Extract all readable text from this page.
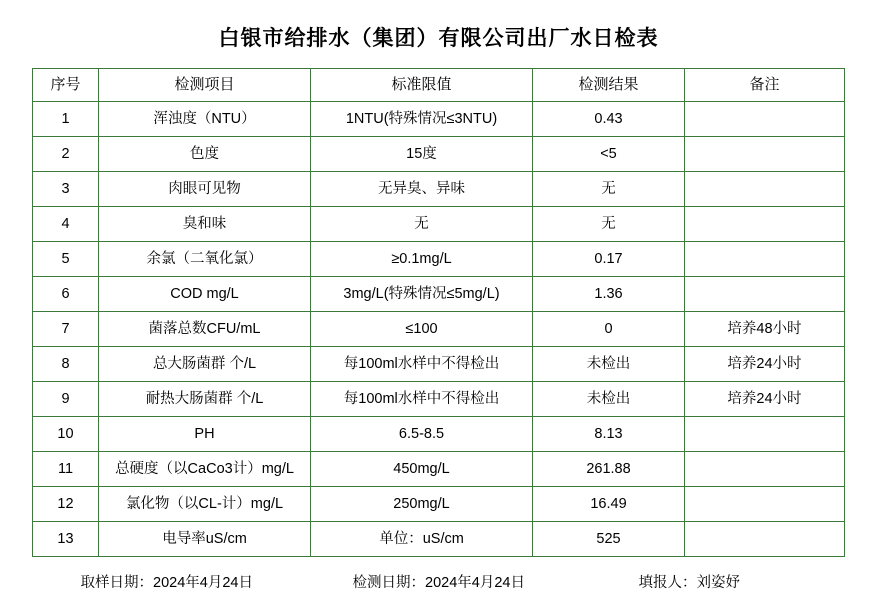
白银市给排水（集团）有限公司出厂水日检表
序号	检测项目	标准限值	检测结果	备注
1	浑浊度（NTU）	1NTU(特殊情况≤3NTU)	0.43	
2	色度	15度	<5	
3	肉眼可见物	无异臭、异味	无	
4	臭和味	无	无	
5	余氯（二氧化氯）	≥0.1mg/L	0.17	
6	COD mg/L	3mg/L(特殊情况≤5mg/L)	1.36	
7	菌落总数CFU/mL	≤100	0	培养48小时
8	总大肠菌群 个/L	每100ml水样中不得检出	未检出	培养24小时
9	耐热大肠菌群 个/L	每100ml水样中不得检出	未检出	培养24小时
10	PH	6.5-8.5	8.13	
11	总硬度（以CaCo3计）mg/L	450mg/L	261.88	
12	氯化物（以CL-计）mg/L	250mg/L	16.49	
13	电导率uS/cm	单位：uS/cm	525	
取样日期：2024年4月24日	检测日期：2024年4月24日	填报人：刘姿妤
